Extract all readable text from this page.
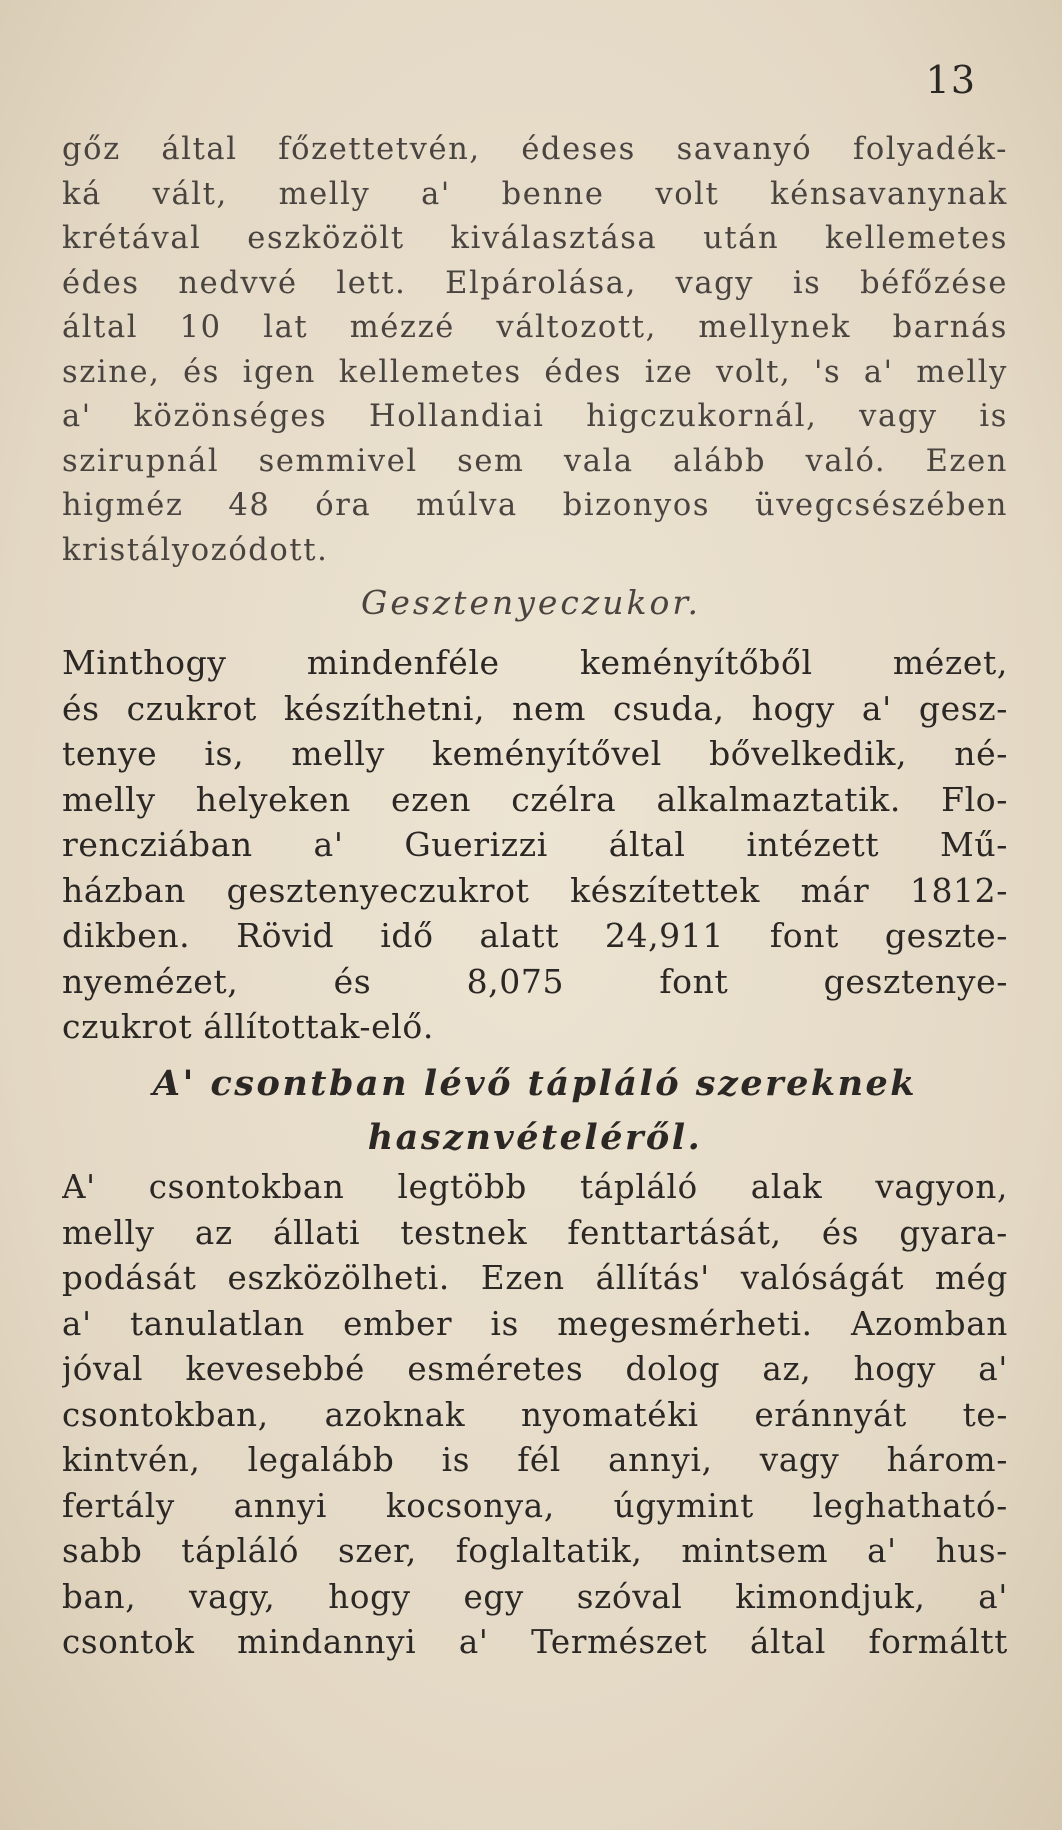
13
gőz által főzettetvén, édeses savanyó folyadék-
ká vált, melly a' benne volt kénsavanynak
krétával eszközölt kiválasztása után kellemetes
édes nedvvé lett. Elpárolása, vagy is béfőzése
által 10 lat mézzé változott, mellynek barnás
szine, és igen kellemetes édes ize volt, 's a' melly
a' közönséges Hollandiai higczukornál, vagy is
szirupnál semmivel sem vala alább való. Ezen
higméz 48 óra múlva bizonyos üvegcsészében
kristályozódott.
Gesztenyeczukor.
Minthogy mindenféle keményítőből mézet,
és czukrot készíthetni, nem csuda, hogy a' gesz-
tenye is, melly keményítővel bővelkedik, né-
melly helyeken ezen czélra alkalmaztatik. Flo-
rencziában a' Guerizzi által intézett Mű-
házban gesztenyeczukrot készítettek már 1812-
dikben. Rövid idő alatt 24,911 font geszte-
nyemézet, és 8,075 font gesztenye-
czukrot állítottak-elő.
A' csontban lévő tápláló szereknek
hasznvételéről.
A' csontokban legtöbb tápláló alak vagyon,
melly az állati testnek fenttartását, és gyara-
podását eszközölheti. Ezen állítás' valóságát még
a' tanulatlan ember is megesmérheti. Azomban
jóval kevesebbé esméretes dolog az, hogy a'
csontokban, azoknak nyomatéki eránnyát te-
kintvén, legalább is fél annyi, vagy három-
fertály annyi kocsonya, úgymint leghatható-
sabb tápláló szer, foglaltatik, mintsem a' hus-
ban, vagy, hogy egy szóval kimondjuk, a'
csontok mindannyi a' Természet által formáltt
